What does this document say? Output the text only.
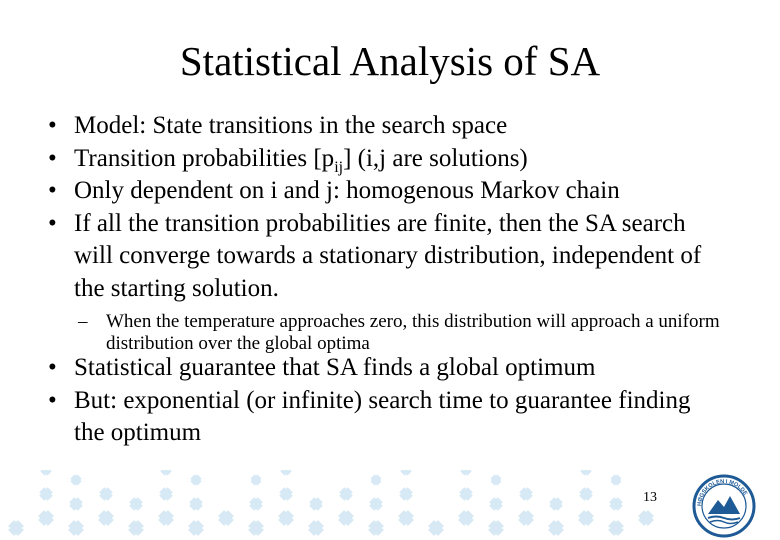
Statistical Analysis of SA
• Model: State transitions in the search space
• Transition probabilities $[p_{ij}]$ (i,j are solutions)
• Only dependent on i and j: homogenous Markov chain
• If all the transition probabilities are finite, then the SA search will converge towards a stationary distribution, independent of the starting solution.
– When the temperature approaches zero, this distribution will approach a uniform distribution over the global optima
• Statistical guarantee that SA finds a global optimum
• But: exponential (or infinite) search time to guarantee finding the optimum
13	HØGSKOLEN I MOLDE
